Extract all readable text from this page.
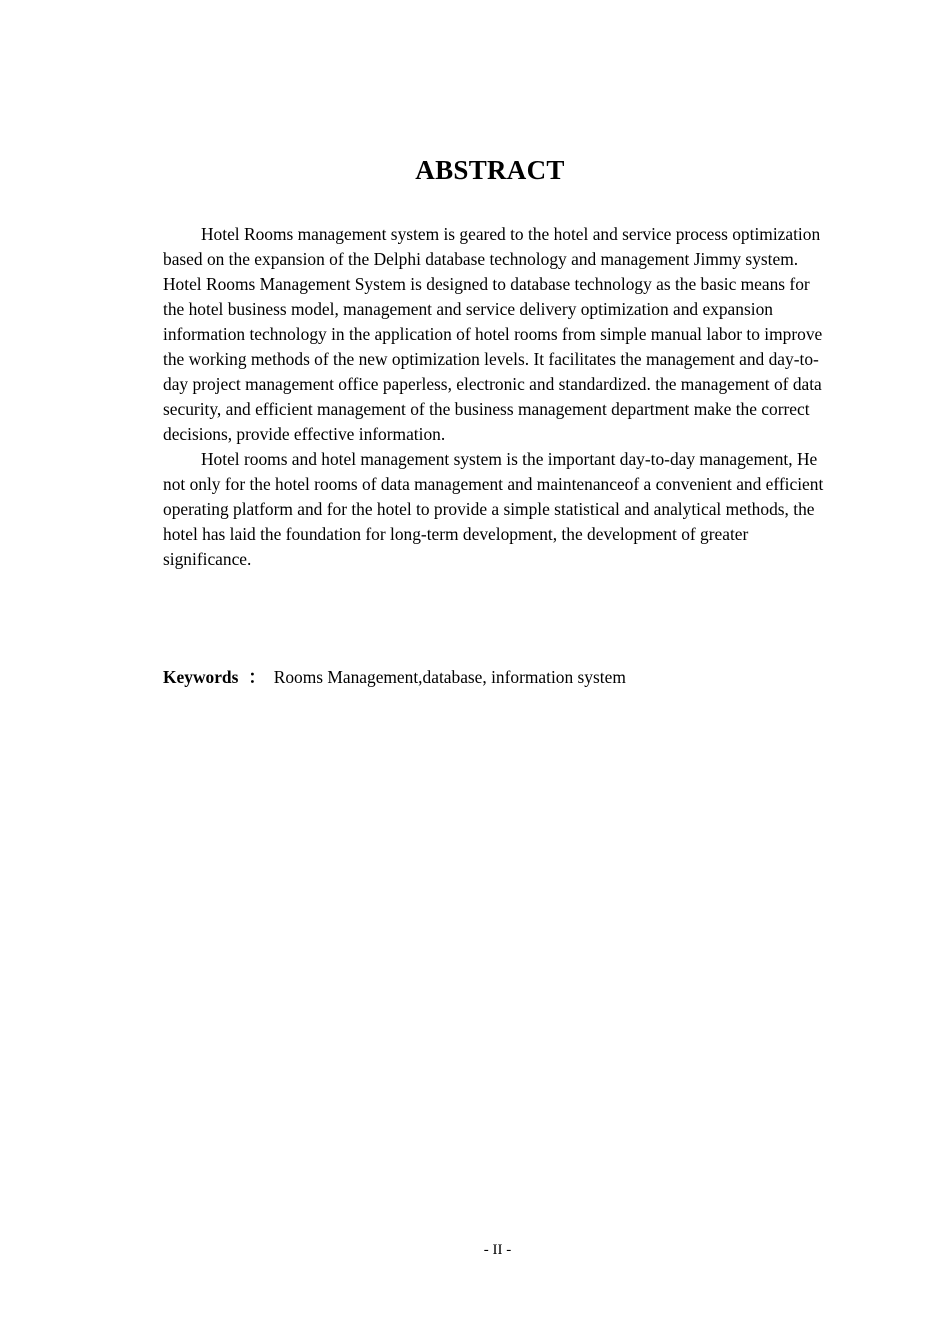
ABSTRACT

Hotel Rooms management system is geared to the hotel and service process optimization based on the expansion of the Delphi database technology and management Jimmy system. Hotel Rooms Management System is designed to database technology as the basic means for the hotel business model, management and service delivery optimization and expansion information technology in the application of hotel rooms from simple manual labor to improve the working methods of the new optimization levels. It facilitates the management and day-to-day project management office paperless, electronic and standardized. the management of data security, and efficient management of the business management department make the correct decisions, provide effective information.

Hotel rooms and hotel management system is the important day-to-day management, He not only for the hotel rooms of data management and maintenanceof a convenient and efficient operating platform and for the hotel to provide a simple statistical and analytical methods, the hotel has laid the foundation for long-term development, the development of greater significance.

Keywords ： Rooms Management,database, information system
- II -
